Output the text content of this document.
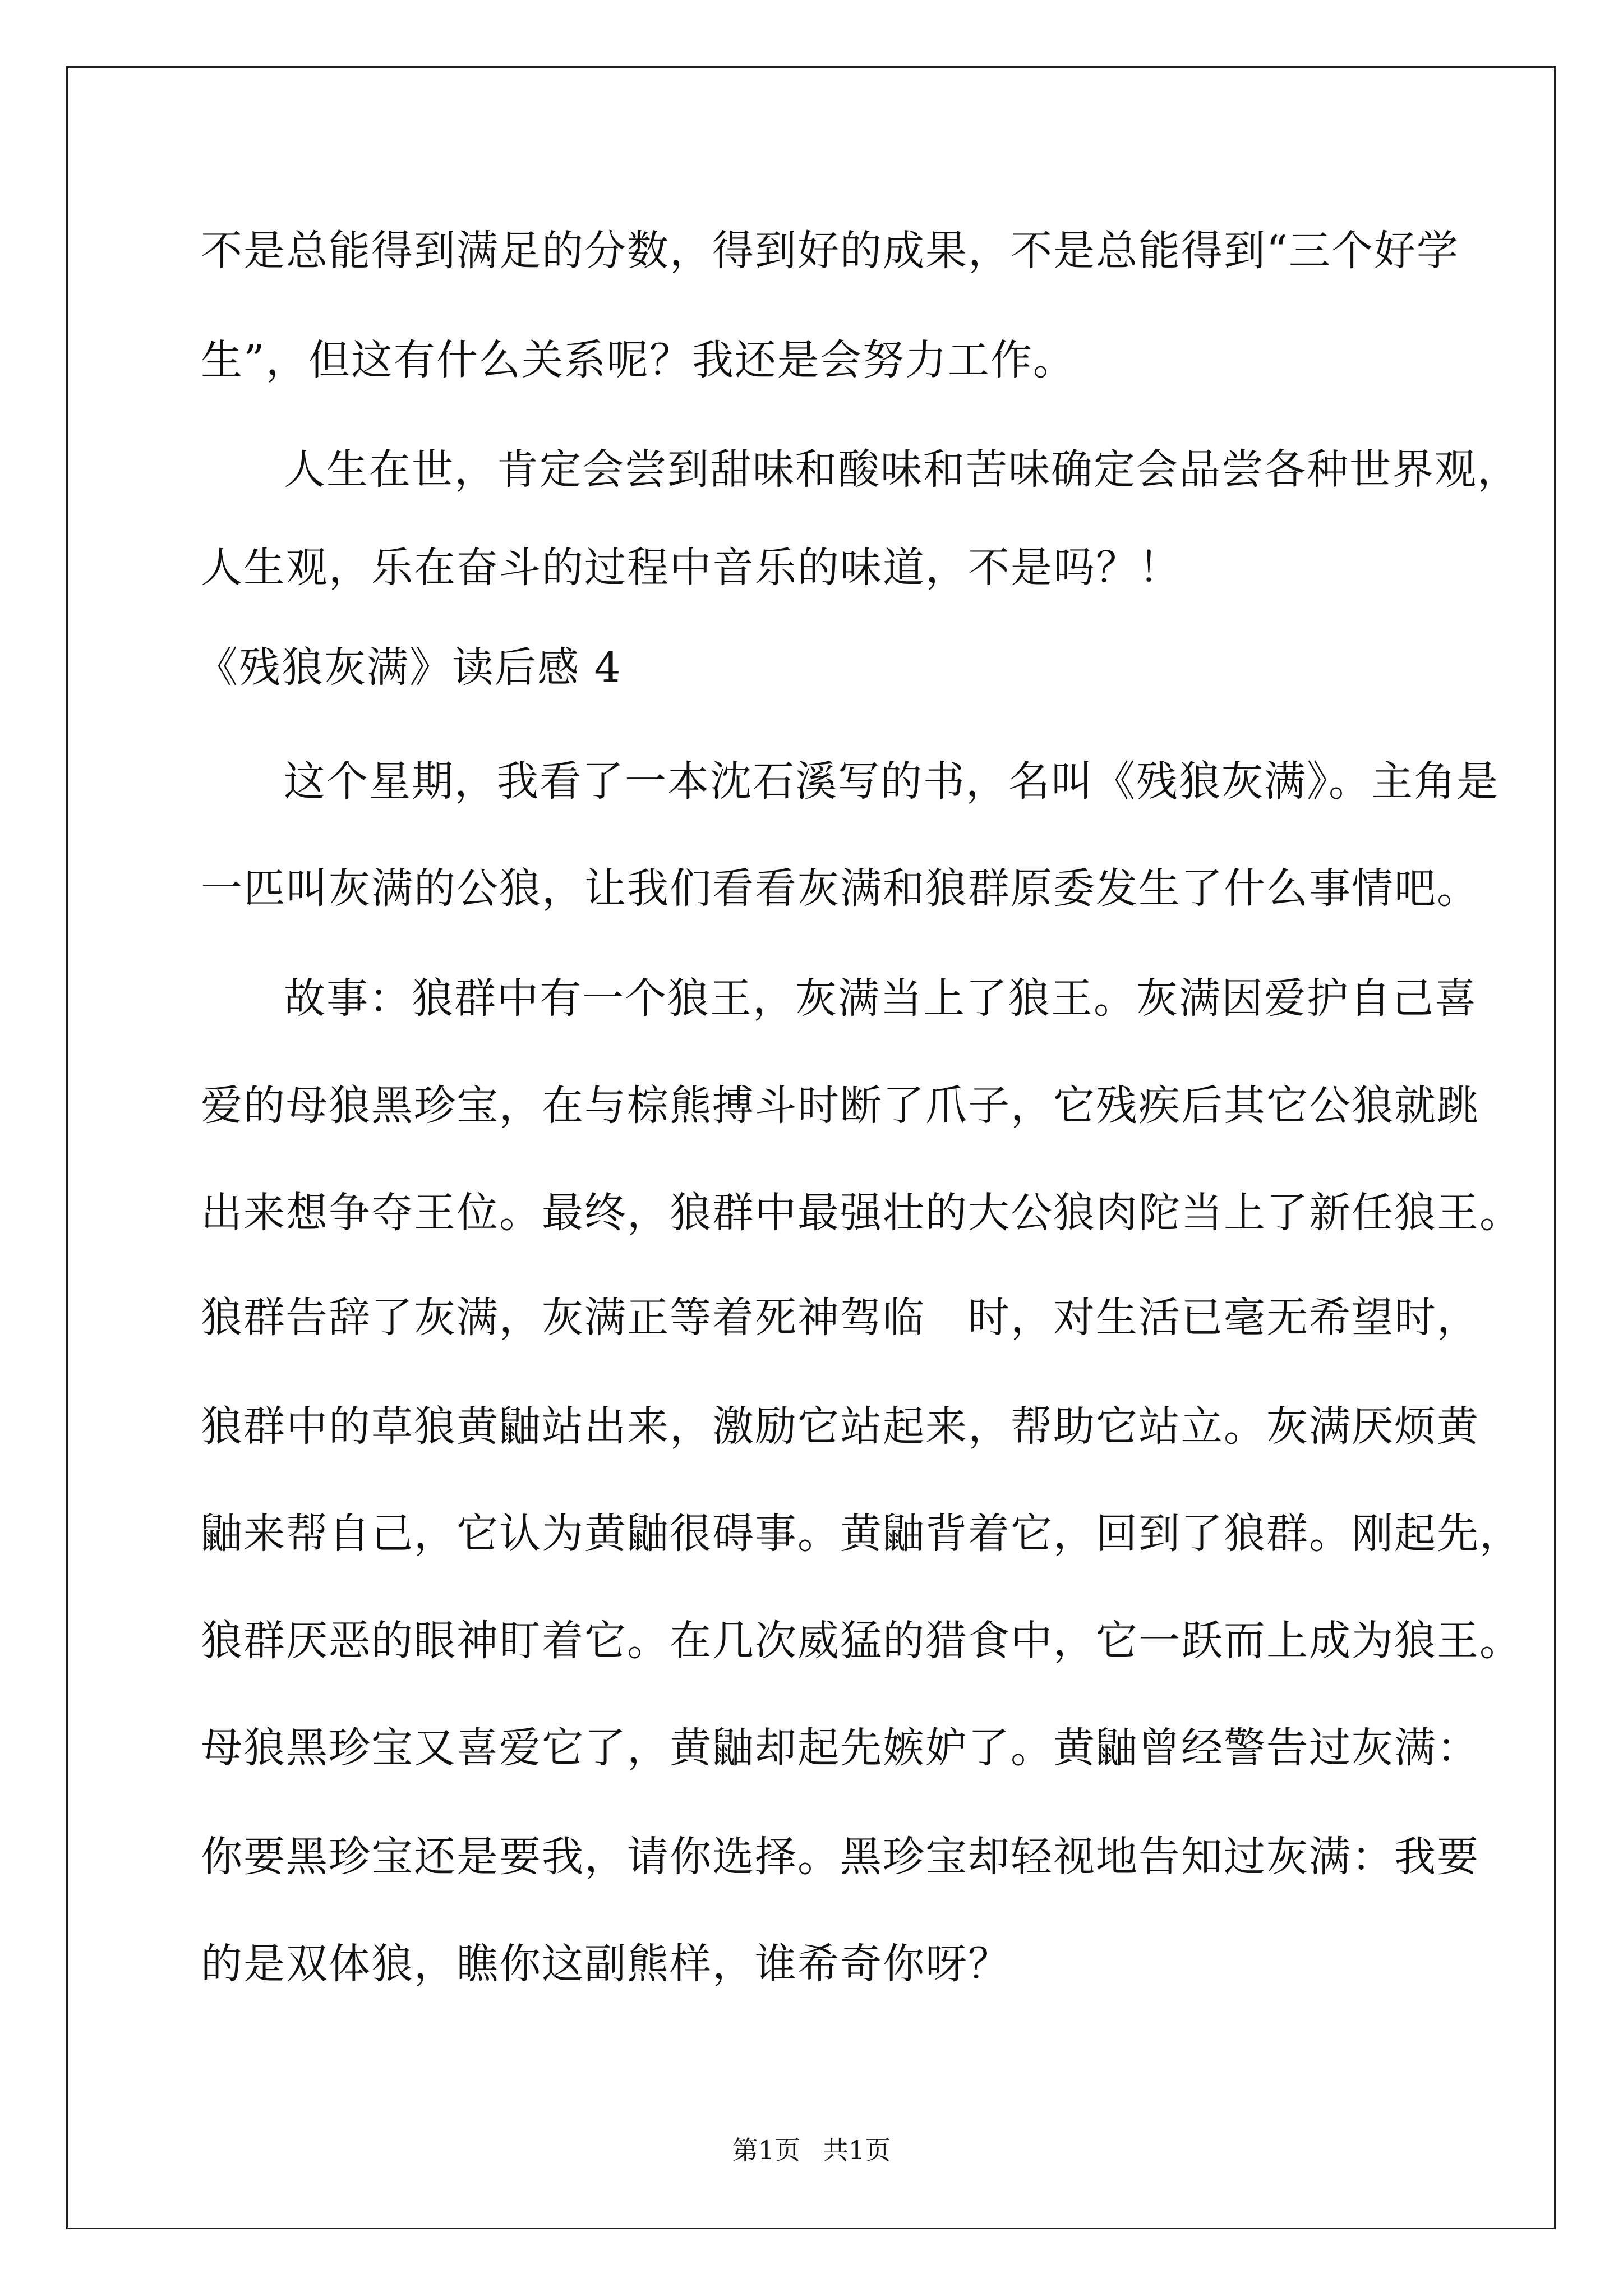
不是总能得到满足的分数，得到好的成果，不是总能得到“三个好学
生”，但这有什么关系呢？我还是会努力工作。
人生在世，肯定会尝到甜味和酸味和苦味确定会品尝各种世界观，
人生观，乐在奋斗的过程中音乐的味道，不是吗？！
《残狼灰满》读后感 4
这个星期，我看了一本沈石溪写的书，名叫《残狼灰满》。主角是
一匹叫灰满的公狼，让我们看看灰满和狼群原委发生了什么事情吧。
故事：狼群中有一个狼王，灰满当上了狼王。灰满因爱护自己喜
爱的母狼黑珍宝，在与棕熊搏斗时断了爪子，它残疾后其它公狼就跳
出来想争夺王位。最终，狼群中最强壮的大公狼肉陀当上了新任狼王。
狼群告辞了灰满，灰满正等着死神驾临　时，对生活已毫无希望时，
狼群中的草狼黄鼬站出来，激励它站起来，帮助它站立。灰满厌烦黄
鼬来帮自己，它认为黄鼬很碍事。黄鼬背着它，回到了狼群。刚起先，
狼群厌恶的眼神盯着它。在几次威猛的猎食中，它一跃而上成为狼王。
母狼黑珍宝又喜爱它了，黄鼬却起先嫉妒了。黄鼬曾经警告过灰满：
你要黑珍宝还是要我，请你选择。黑珍宝却轻视地告知过灰满：我要
的是双体狼，瞧你这副熊样，谁希奇你呀？
第1页 共1页
